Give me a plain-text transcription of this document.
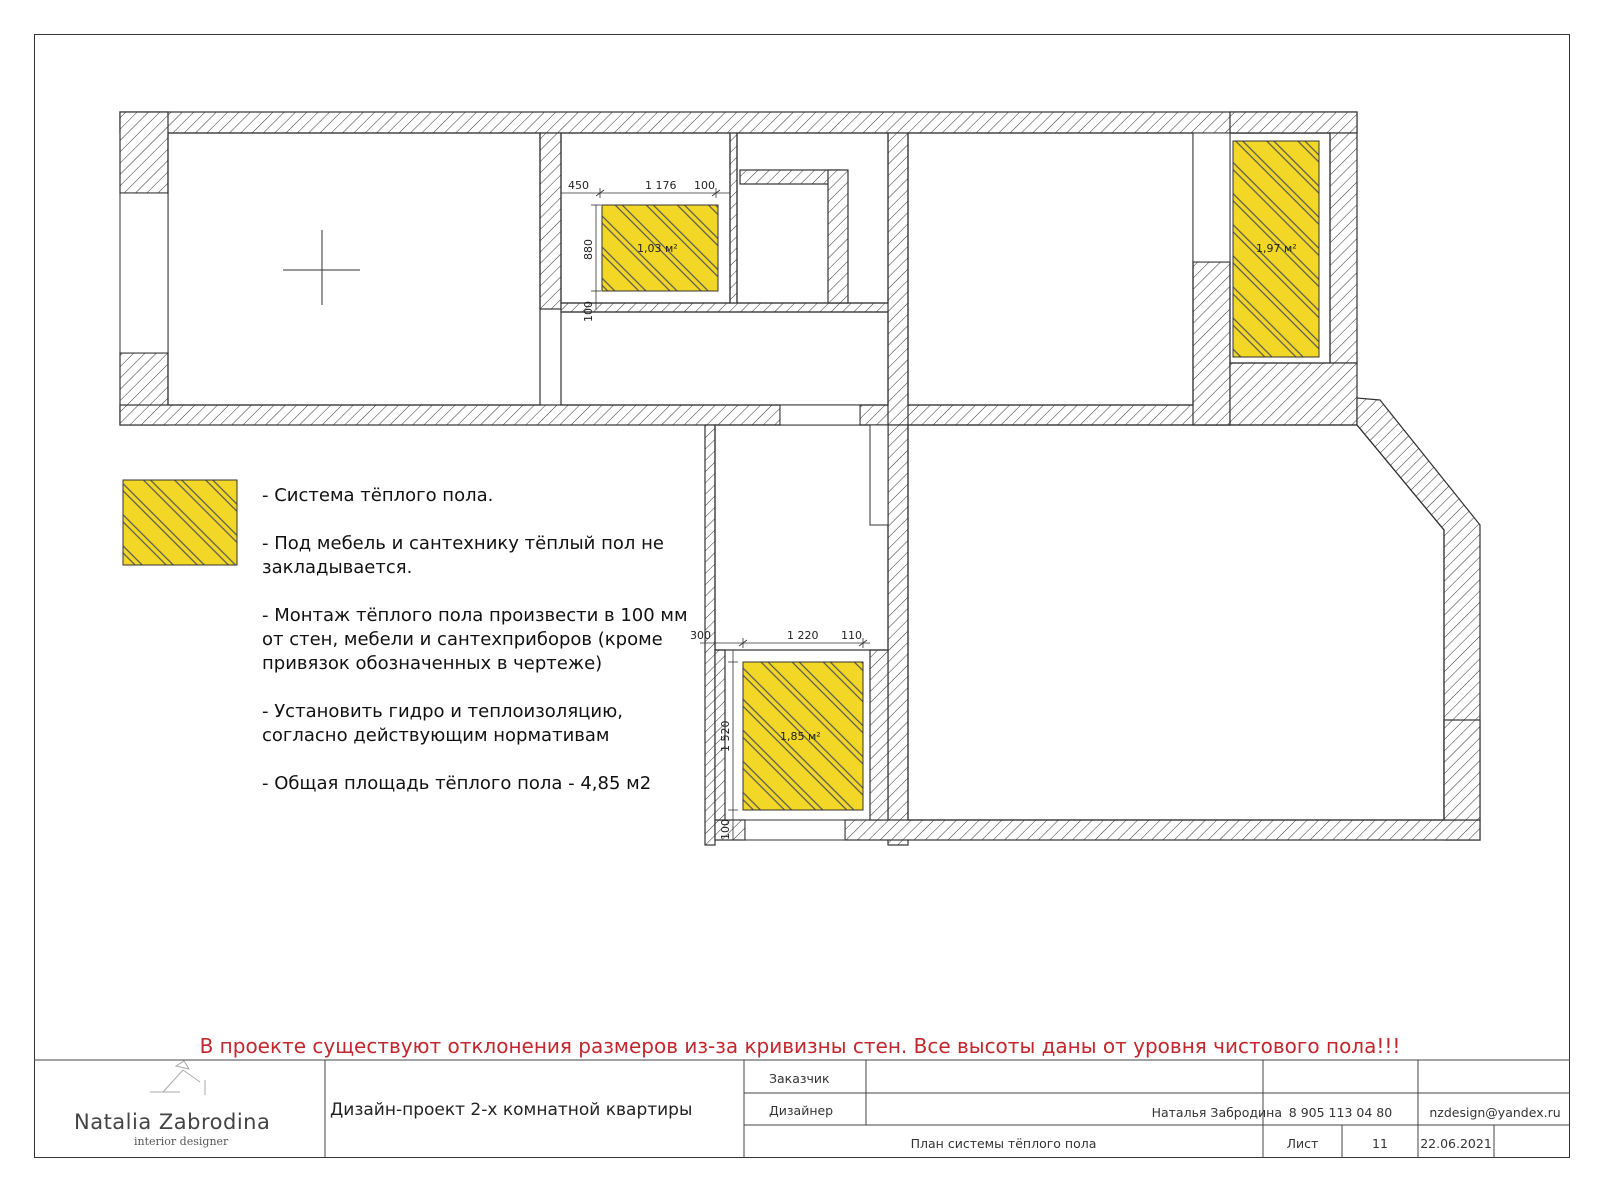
1,03 м²	1,97 м²
1,85 м²
450	1 176 100
880
100
300	1 220 110
1 520
100

- Система тёплого пола.

- Под мебель и сантехнику тёплый пол не закладывается.

- Монтаж тёплого пола произвести в 100 мм от стен, мебели и сантехприборов (кроме привязок обозначенных в чертеже)

- Установить гидро и теплоизоляцию, согласно действующим нормативам

- Общая площадь тёплого пола - 4,85 м2

В проекте существуют отклонения размеров из-за кривизны стен. Все высоты даны от уровня чистового пола!!!
Natalia Zabrodina
interior designer
Дизайн-проект 2-х комнатной квартиры
Заказчик
Дизайнер	Наталья Забродина 8 905 113 04 80	nzdesign@yandex.ru
План системы тёплого пола	Лист	11	22.06.2021
